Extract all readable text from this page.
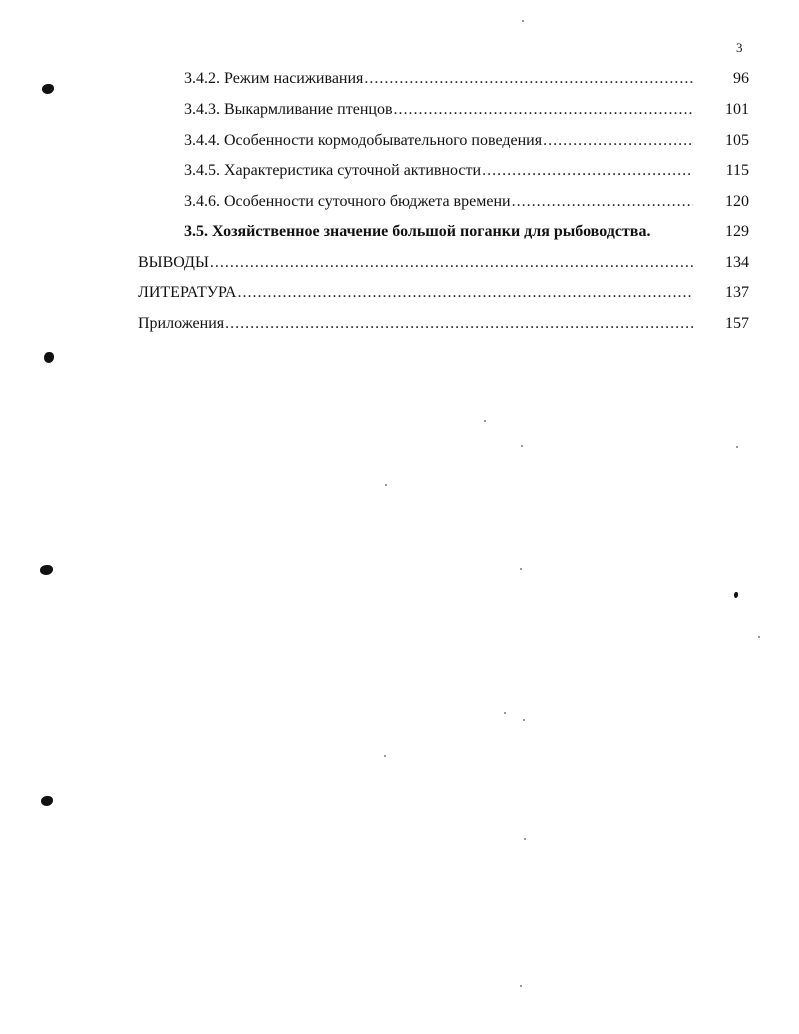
3
3.4.2. Режим насиживания .....	96
3.4.3. Выкармливание птенцов .....	101
3.4.4. Особенности кормодобывательного поведения .....	105
3.4.5. Характеристика суточной активности .....	115
3.4.6. Особенности суточного бюджета времени .....	120
3.5. Хозяйственное значение большой поганки для рыбоводства.	129
ВЫВОДЫ .....	134
ЛИТЕРАТУРА .....	137
Приложения .....	157
